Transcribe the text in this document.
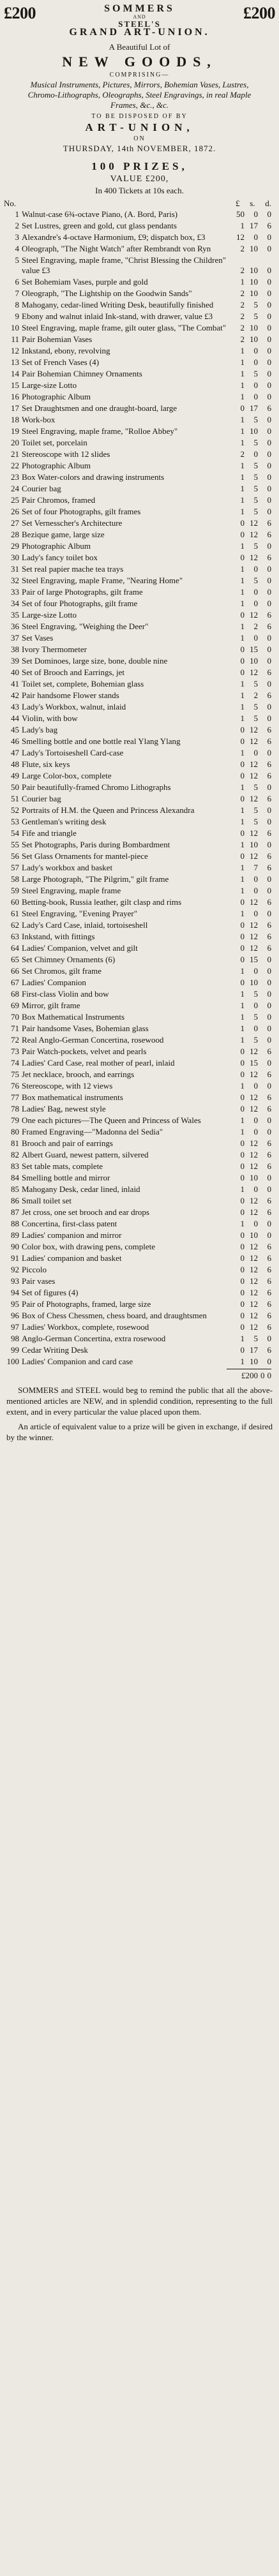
£200	SOMMERS
AND
STEEL'S
£200
GRAND ART-UNION.
A Beautiful Lot of
NEW GOODS,
COMPRISING—
Musical Instruments, Pictures, Mirrors, Bohemian Vases, Lustres, Chromo-Lithographs, Oleographs, Steel Engravings, in real Maple Frames, &c., &c.
TO BE DISPOSED OF BY
ART-UNION,
ON
THURSDAY, 14th NOVEMBER, 1872.
100 PRIZES,
VALUE £200,
In 400 Tickets at 10s each.
No.	£ s. d.
1 Walnut-case 6¾-octave Piano, (A. Bord, Paris)	50	0	0
2 Set Lustres, green and gold, cut glass pendants	1 17	6
3 Alexandre's 4-octave Harmonium, £9; dispatch box, £3	12	0	0
4 Oleograph, "The Night Watch" after Rembrandt von Ryn	2 10	0
5 Steel Engraving, maple frame, "Christ Blessing the Children" value £3	2 10	0
6 Set Bohemiam Vases, purple and gold	1 10	0
7 Oleograph, "The Lightship on the Goodwin Sands"	2 10	0
8 Mahogany, cedar-lined Writing Desk, beautifully finished	2	5	0
9 Ebony and walnut inlaid Ink-stand, with drawer, value £3	2	5	0
10 Steel Engraving, maple frame, gilt outer glass, "The Combat"	2 10	0
11 Pair Bohemian Vases	2 10	0
12 Inkstand, ebony, revolving	1	0	0
13 Set of French Vases (4)	1	0	0
14 Pair Bohemian Chimney Ornaments	1	5	0
15 Large-size Lotto	1	0	0
16 Photographic Album	1	0	0
17 Set Draughtsmen and one draught-board, large	0 17	6
18 Work-box	1	5	0
19 Steel Engraving, maple frame, "Rolloe Abbey"	1 10	0
20 Toilet set, porcelain	1	5	0
21 Stereoscope with 12 slides	2	0	0
22 Photographic Album	1	5	0
23 Box Water-colors and drawing instruments	1	5	0
24 Courier bag	1	5	0
25 Pair Chromos, framed	1	5	0
26 Set of four Photographs, gilt frames	1	5	0
27 Set Vernesscher's Architecture	0 12	6
28 Bezique game, large size	0 12	6
29 Photographic Album	1	5	0
30 Lady's fancy toilet box	0 12	6
31 Set real papier mache tea trays	1	0	0
32 Steel Engraving, maple Frame, "Nearing Home"	1	5	0
33 Pair of large Photographs, gilt frame	1	0	0
34 Set of four Photographs, gilt frame	1	0	0
35 Large-size Lotto	0 12	6
36 Steel Engraving, "Weighing the Deer"	1	2	6
37 Set Vases	1	0	0
38 Ivory Thermometer	0 15	0
39 Set Dominoes, large size, bone, double nine	0 10	0
40 Set of Brooch and Earrings, jet	0 12	6
41 Toilet set, complete, Bohemian glass	1	5	0
42 Pair handsome Flower stands	1	2	6
43 Lady's Workbox, walnut, inlaid	1	5	0
44 Violin, with bow	1	5	0
45 Lady's bag	0 12	6
46 Smelling bottle and one bottle real Ylang Ylang	0 12	6
47 Lady's Tortoiseshell Card-case	1	0	0
48 Flute, six keys	0 12	6
49 Large Color-box, complete	0 12	6
50 Pair beautifully-framed Chromo Lithographs	1	5	0
51 Courier bag	0 12	6
52 Portraits of H.M. the Queen and Princess Alexandra	1	5	0
53 Gentleman's writing desk	1	5	0
54 Fife and triangle	0 12	6
55 Set Photographs, Paris during Bombardment	1 10	0
56 Set Glass Ornaments for mantel-piece	0 12	6
57 Lady's workbox and basket	1	7	6
58 Large Photograph, "The Pilgrim," gilt frame	1	0	0
59 Steel Engraving, maple frame	1	0	0
60 Betting-book, Russia leather, gilt clasp and rims	0 12	6
61 Steel Engraving, "Evening Prayer"	1	0	0
62 Lady's Card Case, inlaid, tortoiseshell	0 12	6
63 Inkstand, with fittings	0 12	6
64 Ladies' Companion, velvet and gilt	0 12	6
65 Set Chimney Ornaments (6)	0 15	0
66 Set Chromos, gilt frame	1	0	0
67 Ladies' Companion	0 10	0
68 First-class Violin and bow	1	5	0
69 Mirror, gilt frame	1	0	0
70 Box Mathematical Instruments	1	5	0
71 Pair handsome Vases, Bohemian glass	1	0	0
72 Real Anglo-German Concertina, rosewood	1	5	0
73 Pair Watch-pockets, velvet and pearls	0 12	6
74 Ladies' Card Case, real mother of pearl, inlaid	0 15	0
75 Jet necklace, brooch, and earrings	0 12	6
76 Stereoscope, with 12 views	1	0	0
77 Box mathematical instruments	0 12	6
78 Ladies' Bag, newest style	0 12	6
79 One each pictures—The Queen and Princess of Wales	1	0	0
80 Framed Engraving—"Madonna del Sedia"	1	0	0
81 Brooch and pair of earrings	0 12	6
82 Albert Guard, newest pattern, silvered	0 12	6
83 Set table mats, complete	0 12	6
84 Smelling bottle and mirror	0 10	0
85 Mahogany Desk, cedar lined, inlaid	1	0	0
86 Small toilet set	0 12	6
87 Jet cross, one set brooch and ear drops	0 12	6
88 Concertina, first-class patent	1	0	0
89 Ladies' companion and mirror	0 10	0
90 Color box, with drawing pens, complete	0 12	6
91 Ladies' companion and basket	0 12	6
92 Piccolo	0 12	6
93 Pair vases	0 12	6
94 Set of figures (4)	0 12	6
95 Pair of Photographs, framed, large size	0 12	6
96 Box of Chess Chessmen, chess board, and draughtsmen	0 12	6
97 Ladies' Workbox, complete, rosewood	0 12	6
98 Anglo-German Concertina, extra rosewood	1	5	0
99 Cedar Writing Desk	0 17	6
100 Ladies' Companion and card case	1 10	0
£200 0 0

SOMMERS and STEEL would beg to remind the public that all the above-mentioned articles are NEW, and in splendid condition, representing to the full extent, and in every particular the value placed upon them.

An article of equivalent value to a prize will be given in exchange, if desired by the winner.
